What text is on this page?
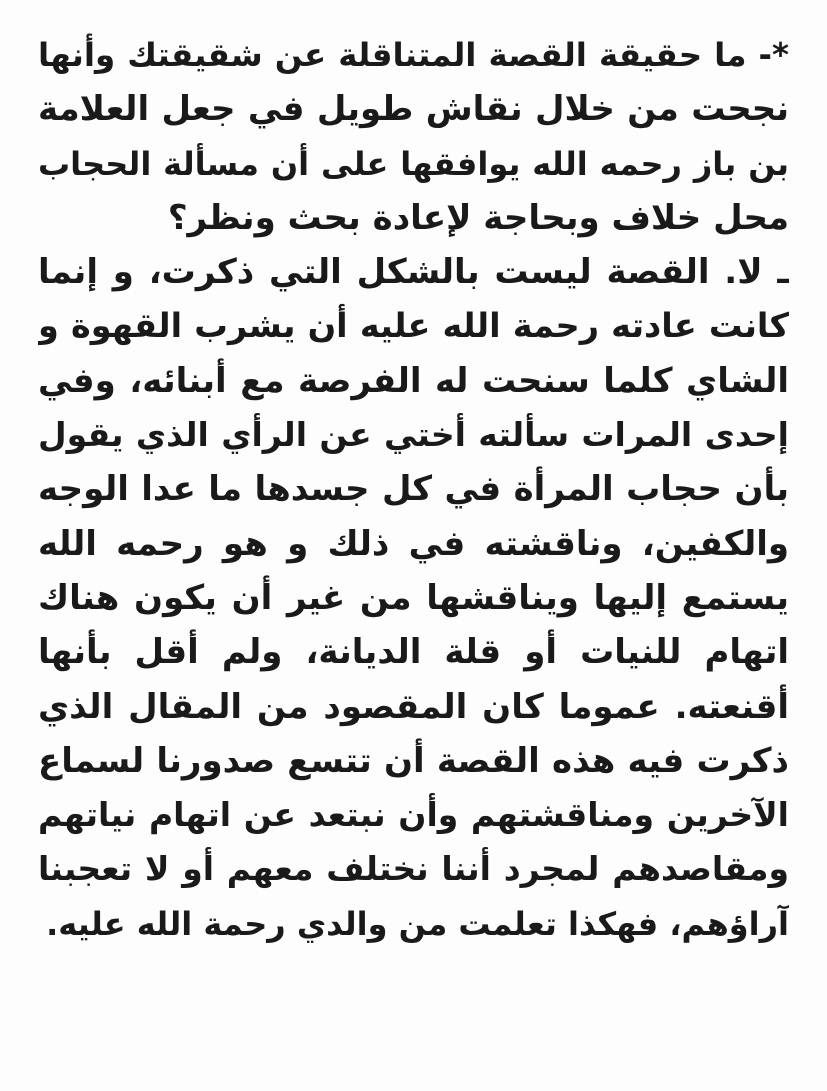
*- ما حقيقة القصة المتناقلة عن شقيقتك وأنها
نجحت من خلال نقاش طويل في جعل العلامة
بن باز رحمه الله يوافقها على أن مسألة الحجاب
محل خلاف وبحاجة لإعادة بحث ونظر؟
ـ لا. القصة ليست بالشكل التي ذكرت، و إنما
كانت عادته رحمة الله عليه أن يشرب القهوة و
الشاي كلما سنحت له الفرصة مع أبنائه، وفي
إحدى المرات سألته أختي عن الرأي الذي يقول
بأن حجاب المرأة في كل جسدها ما عدا الوجه
والكفين، وناقشته في ذلك و هو رحمه الله
يستمع إليها ويناقشها من غير أن يكون هناك
اتهام للنيات أو قلة الديانة، ولم أقل بأنها
أقنعته. عموما كان المقصود من المقال الذي
ذكرت فيه هذه القصة أن تتسع صدورنا لسماع
الآخرين ومناقشتهم وأن نبتعد عن اتهام نياتهم
ومقاصدهم لمجرد أننا نختلف معهم أو لا تعجبنا
آراؤهم، فهكذا تعلمت من والدي رحمة الله عليه.
